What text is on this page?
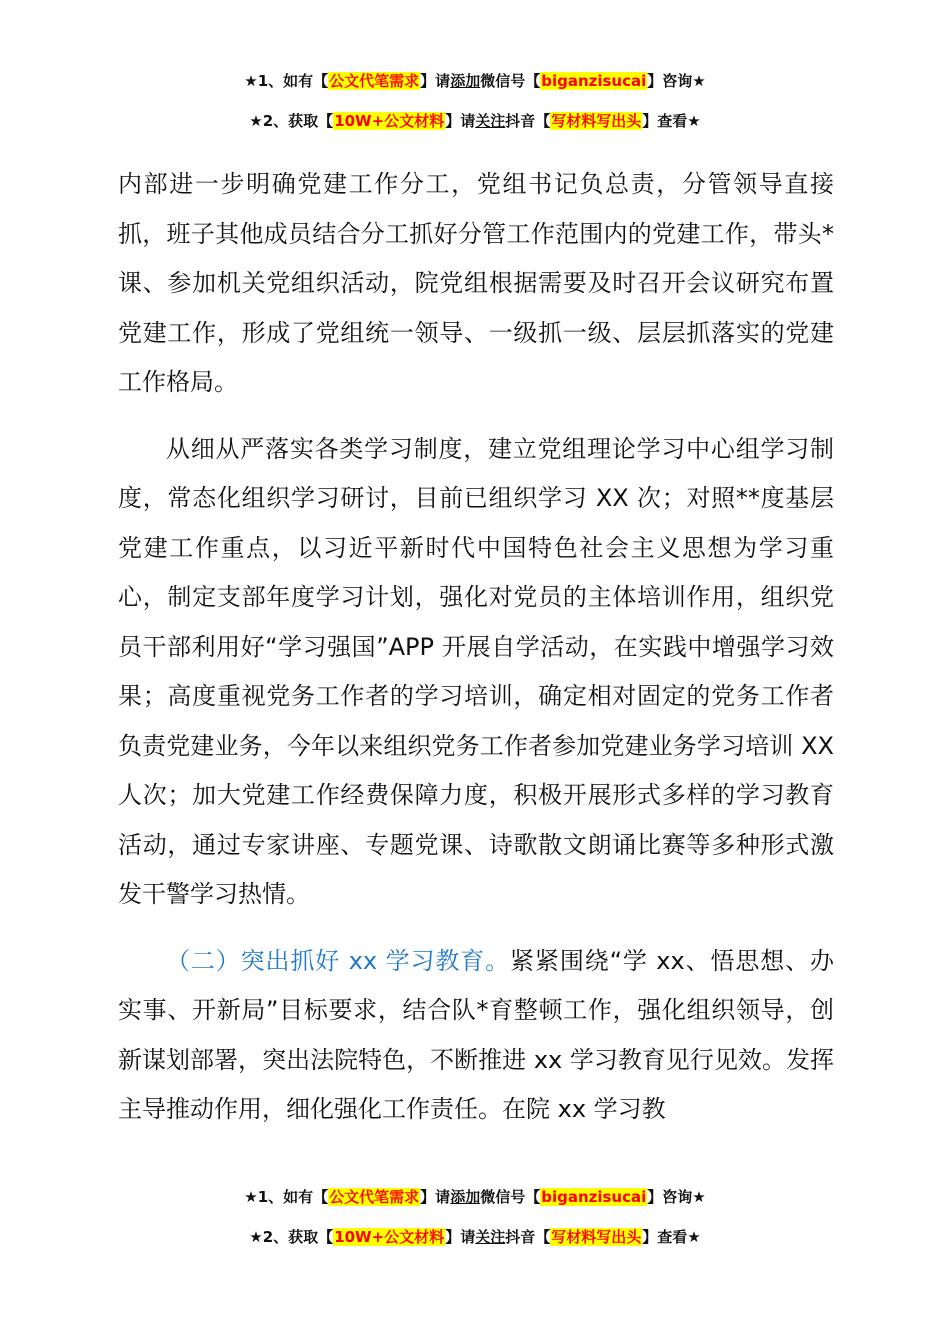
★1、如有【公文代笔需求】请添加微信号【biganzisucai】咨询★
★2、获取【10W+公文材料】请关注抖音【写材料写出头】查看★

内部进一步明确党建工作分工，党组书记负总责，分管领导直接抓，班子其他成员结合分工抓好分管工作范围内的党建工作，带头*课、参加机关党组织活动，院党组根据需要及时召开会议研究布置党建工作，形成了党组统一领导、一级抓一级、层层抓落实的党建工作格局。

从细从严落实各类学习制度，建立党组理论学习中心组学习制度，常态化组织学习研讨，目前已组织学习 XX 次；对照**度基层党建工作重点，以习近平新时代中国特色社会主义思想为学习重心，制定支部年度学习计划，强化对党员的主体培训作用，组织党员干部利用好“学习强国”APP 开展自学活动，在实践中增强学习效果；高度重视党务工作者的学习培训，确定相对固定的党务工作者负责党建业务，今年以来组织党务工作者参加党建业务学习培训 XX 人次；加大党建工作经费保障力度，积极开展形式多样的学习教育活动，通过专家讲座、专题党课、诗歌散文朗诵比赛等多种形式激发干警学习热情。

（二）突出抓好 xx 学习教育。紧紧围绕“学 xx、悟思想、办实事、开新局”目标要求，结合队*育整顿工作，强化组织领导，创新谋划部署，突出法院特色，不断推进 xx 学习教育见行见效。发挥主导推动作用，细化强化工作责任。在院 xx 学习教

★1、如有【公文代笔需求】请添加微信号【biganzisucai】咨询★
★2、获取【10W+公文材料】请关注抖音【写材料写出头】查看★
